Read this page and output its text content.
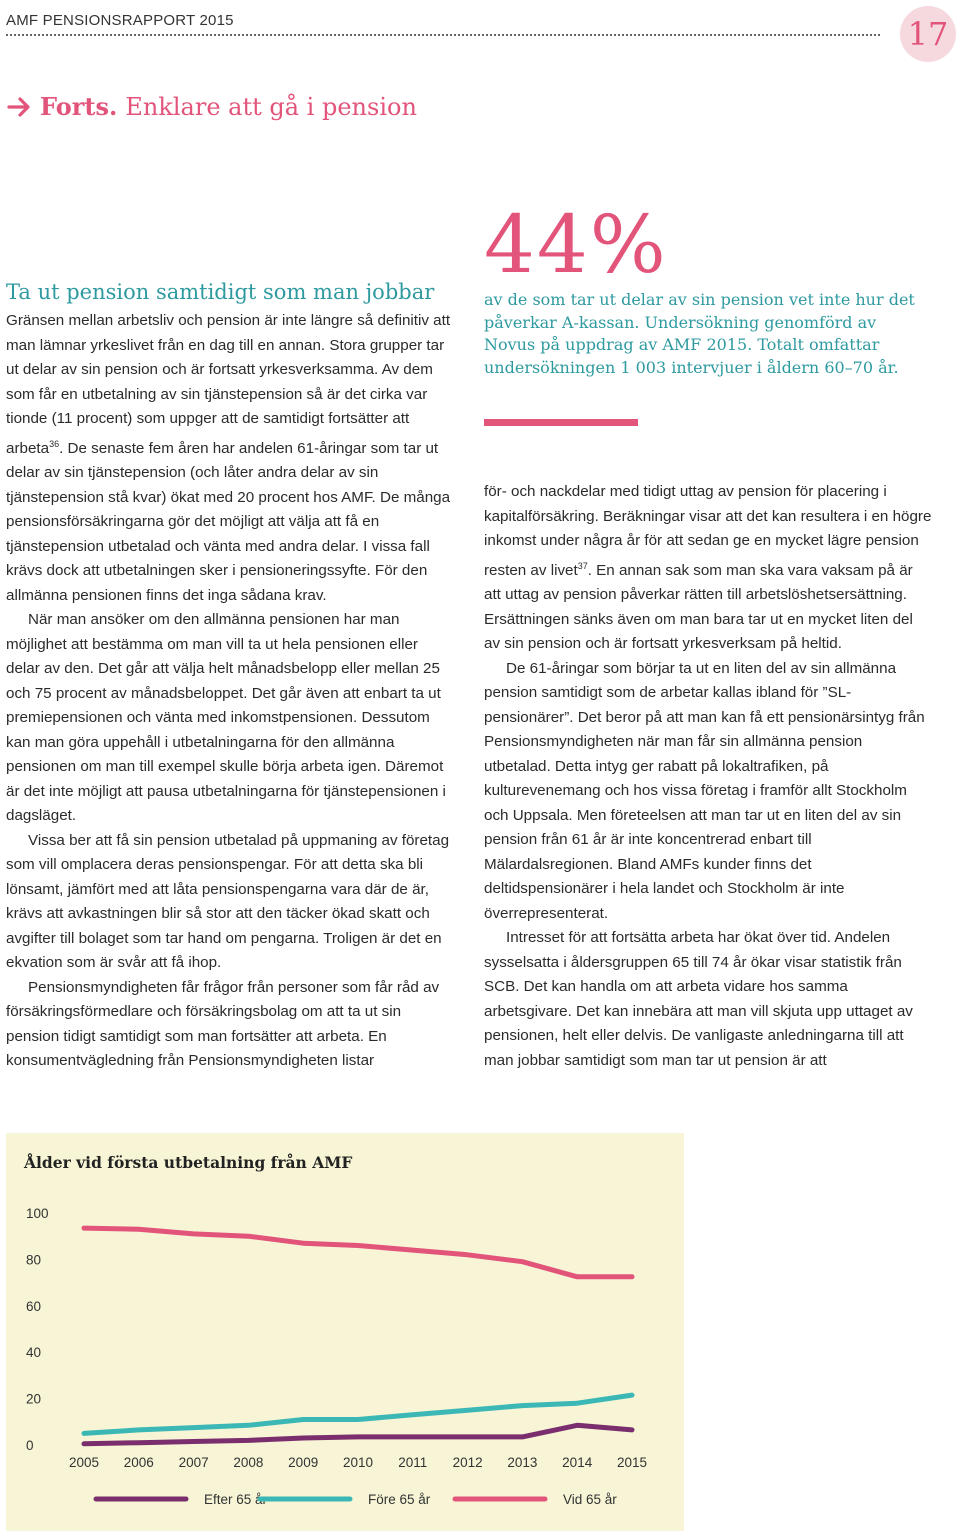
AMF PENSIONSRAPPORT 2015	17
Forts. Enklare att gå i pension
Ta ut pension samtidigt som man jobbar

Gränsen mellan arbetsliv och pension är inte längre så definitiv att man lämnar yrkeslivet från en dag till en annan. Stora grupper tar ut delar av sin pension och är fortsatt yrkesverksamma. Av dem som får en utbetalning av sin tjänstepension så är det cirka var tionde (11 procent) som uppger att de samtidigt fortsätter att arbeta$^{36}$. De senaste fem åren har andelen 61-åringar som tar ut delar av sin tjänstepension (och låter andra delar av sin tjänstepension stå kvar) ökat med 20 procent hos AMF. De många pensionsförsäkringarna gör det möjligt att välja att få en tjänstepension utbetalad och vänta med andra delar. I vissa fall krävs dock att utbetalningen sker i pensioneringssyfte. För den allmänna pensionen finns det inga sådana krav.

När man ansöker om den allmänna pensionen har man möjlighet att bestämma om man vill ta ut hela pensionen eller delar av den. Det går att välja helt månadsbelopp eller mellan 25 och 75 procent av månadsbeloppet. Det går även att enbart ta ut premiepensionen och vänta med inkomstpensionen. Dessutom kan man göra uppehåll i utbetalningarna för den allmänna pensionen om man till exempel skulle börja arbeta igen. Däremot är det inte möjligt att pausa utbetalningarna för tjänstepensionen i dagsläget.

Vissa ber att få sin pension utbetalad på uppmaning av företag som vill omplacera deras pensionspengar. För att detta ska bli lönsamt, jämfört med att låta pensionspengarna vara där de är, krävs att avkastningen blir så stor att den täcker ökad skatt och avgifter till bolaget som tar hand om pengarna. Troligen är det en ekvation som är svår att få ihop.

Pensionsmyndigheten får frågor från personer som får råd av försäkringsförmedlare och försäkringsbolag om att ta ut sin pension tidigt samtidigt som man fortsätter att arbeta. En konsumentvägledning från Pensionsmyndigheten listar

44%
av de som tar ut delar av sin pension vet inte hur det påverkar A-kassan. Undersökning genomförd av Novus på uppdrag av AMF 2015. Totalt omfattar undersökningen 1 003 intervjuer i åldern 60–70 år.

för- och nackdelar med tidigt uttag av pension för placering i kapitalförsäkring. Beräkningar visar att det kan resultera i en högre inkomst under några år för att sedan ge en mycket lägre pension resten av livet$^{37}$. En annan sak som man ska vara vaksam på är att uttag av pension påverkar rätten till arbetslöshetsersättning. Ersättningen sänks även om man bara tar ut en mycket liten del av sin pension och är fortsatt yrkesverksam på heltid.

De 61-åringar som börjar ta ut en liten del av sin allmänna pension samtidigt som de arbetar kallas ibland för ”SL-pensionärer”. Det beror på att man kan få ett pensionärsintyg från Pensionsmyndigheten när man får sin allmänna pension utbetalad. Detta intyg ger rabatt på lokaltrafiken, på kulturevenemang och hos vissa företag i framför allt Stockholm och Uppsala. Men företeelsen att man tar ut en liten del av sin pension från 61 år är inte koncentrerad enbart till Mälardalsregionen. Bland AMFs kunder finns det deltidspensionärer i hela landet och Stockholm är inte överrepresenterat.

Intresset för att fortsätta arbeta har ökat över tid. Andelen sysselsatta i åldersgruppen 65 till 74 år ökar visar statistik från SCB. Det kan handla om att arbeta vidare hos samma arbetsgivare. Det kan innebära att man vill skjuta upp uttaget av pensionen, helt eller delvis. De vanligaste anledningarna till att man jobbar samtidigt som man tar ut pension är att

Ålder vid första utbetalning från AMF
0
20
40
60
80
100
2005 2006 2007 2008 2009 2010 2011 2012 2013 2014 2015
Efter 65 år	Före 65 år	Vid 65 år
